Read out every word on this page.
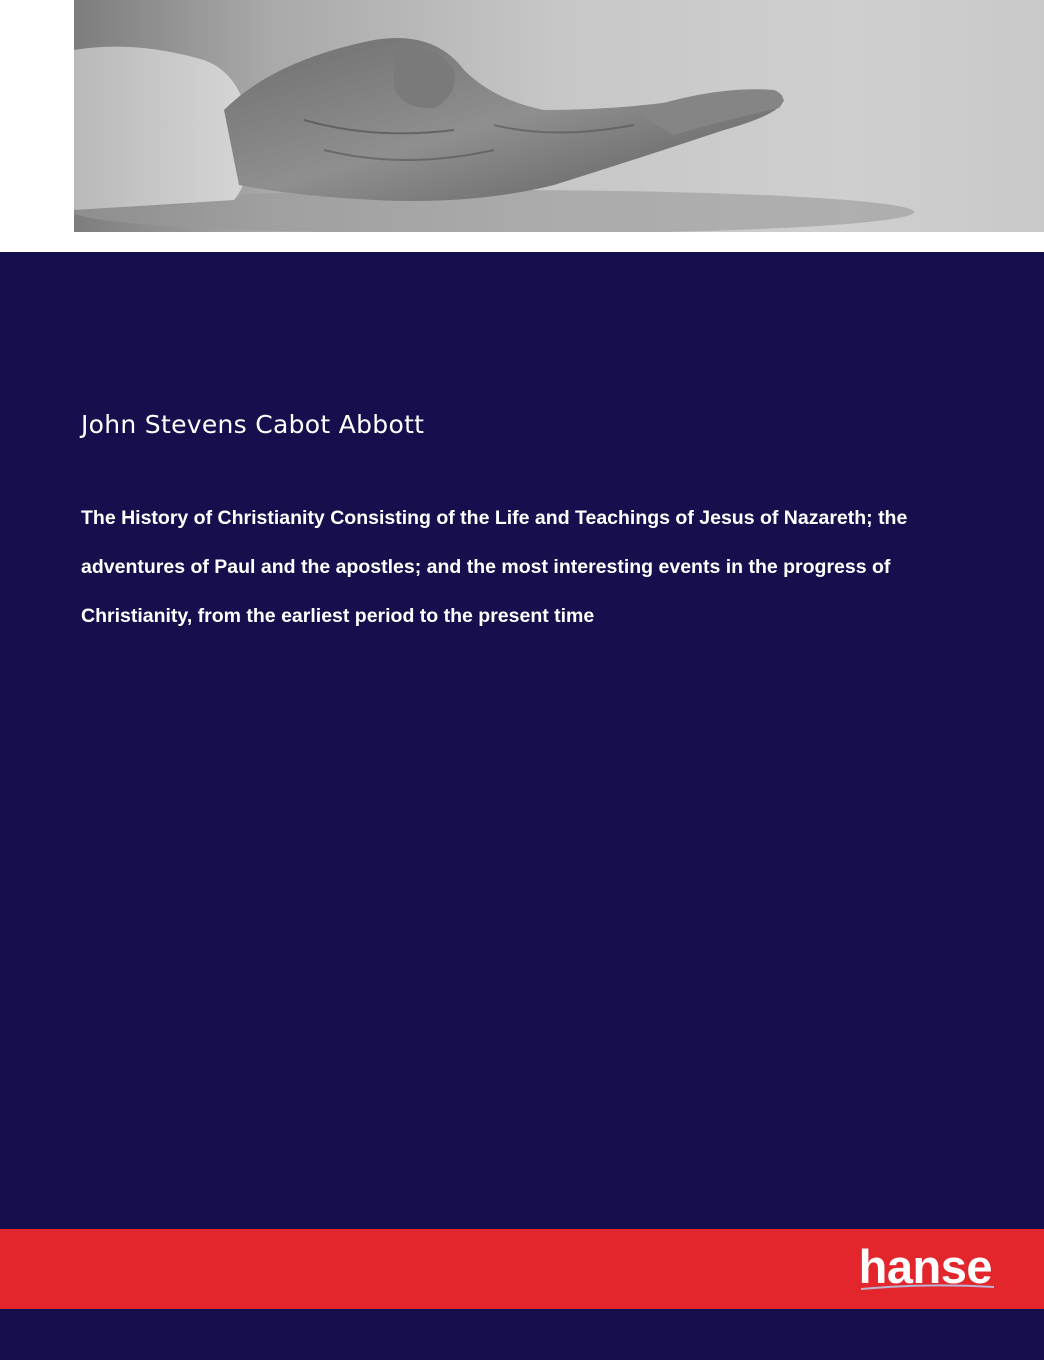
John Stevens Cabot Abbott
The History of Christianity Consisting of the Life and Teachings of Jesus of Nazareth; the adventures of Paul and the apostles; and the most interesting events in the progress of Christianity, from the earliest period to the present time
hanse
